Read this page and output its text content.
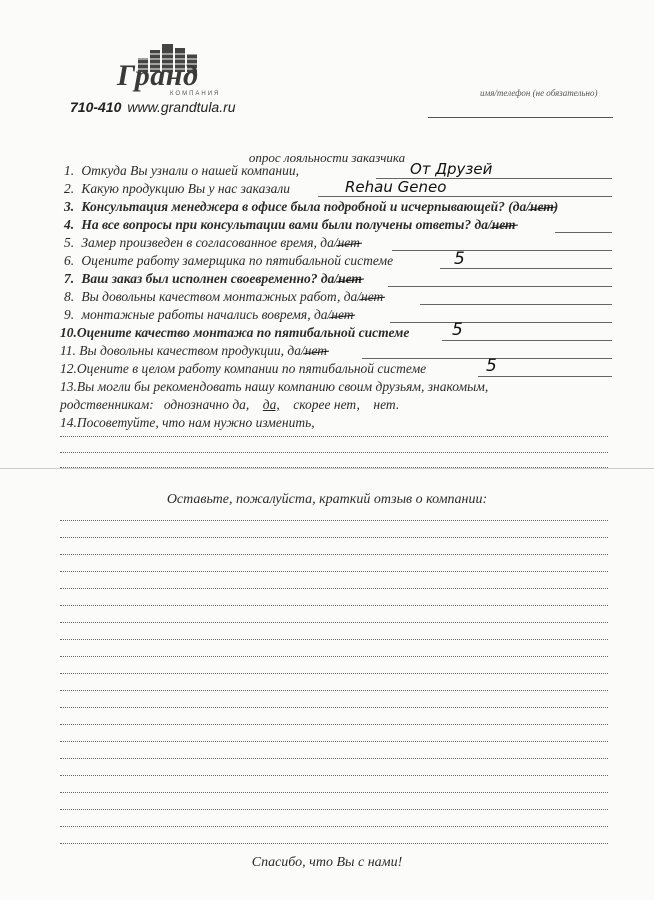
Гранд
КОМПАНИЯ
710-410 www.grandtula.ru
имя/телефон (не обязательно)
опрос лояльности заказчика
1. Откуда Вы узнали о нашей компании,	От Друзей
2. Какую продукцию Вы у нас заказали	Rehau Geneo
3. Консультация менеджера в офисе была подробной и исчерпывающей? (да/нет)
4. На все вопросы при консультации вами были получены ответы? да/нет
5. Замер произведен в согласованное время, да/нет
6. Оцените работу замерщика по пятибальной системе	5
7. Ваш заказ был исполнен своевременно? да/нет
8. Вы довольны качеством монтажных работ, да/нет
9. монтажные работы начались вовремя, да/нет
10.Оцените качество монтажа по пятибальной системе	5
11. Вы довольны качеством продукции, да/нет
12.Оцените в целом работу компании по пятибальной системе	5
13.Вы могли бы рекомендовать нашу компанию своим друзьям, знакомым,
родственникам: однозначно да, да, скорее нет, нет.
14.Посоветуйте, что нам нужно изменить,
Оставьте, пожалуйста, краткий отзыв о компании:
Спасибо, что Вы с нами!
